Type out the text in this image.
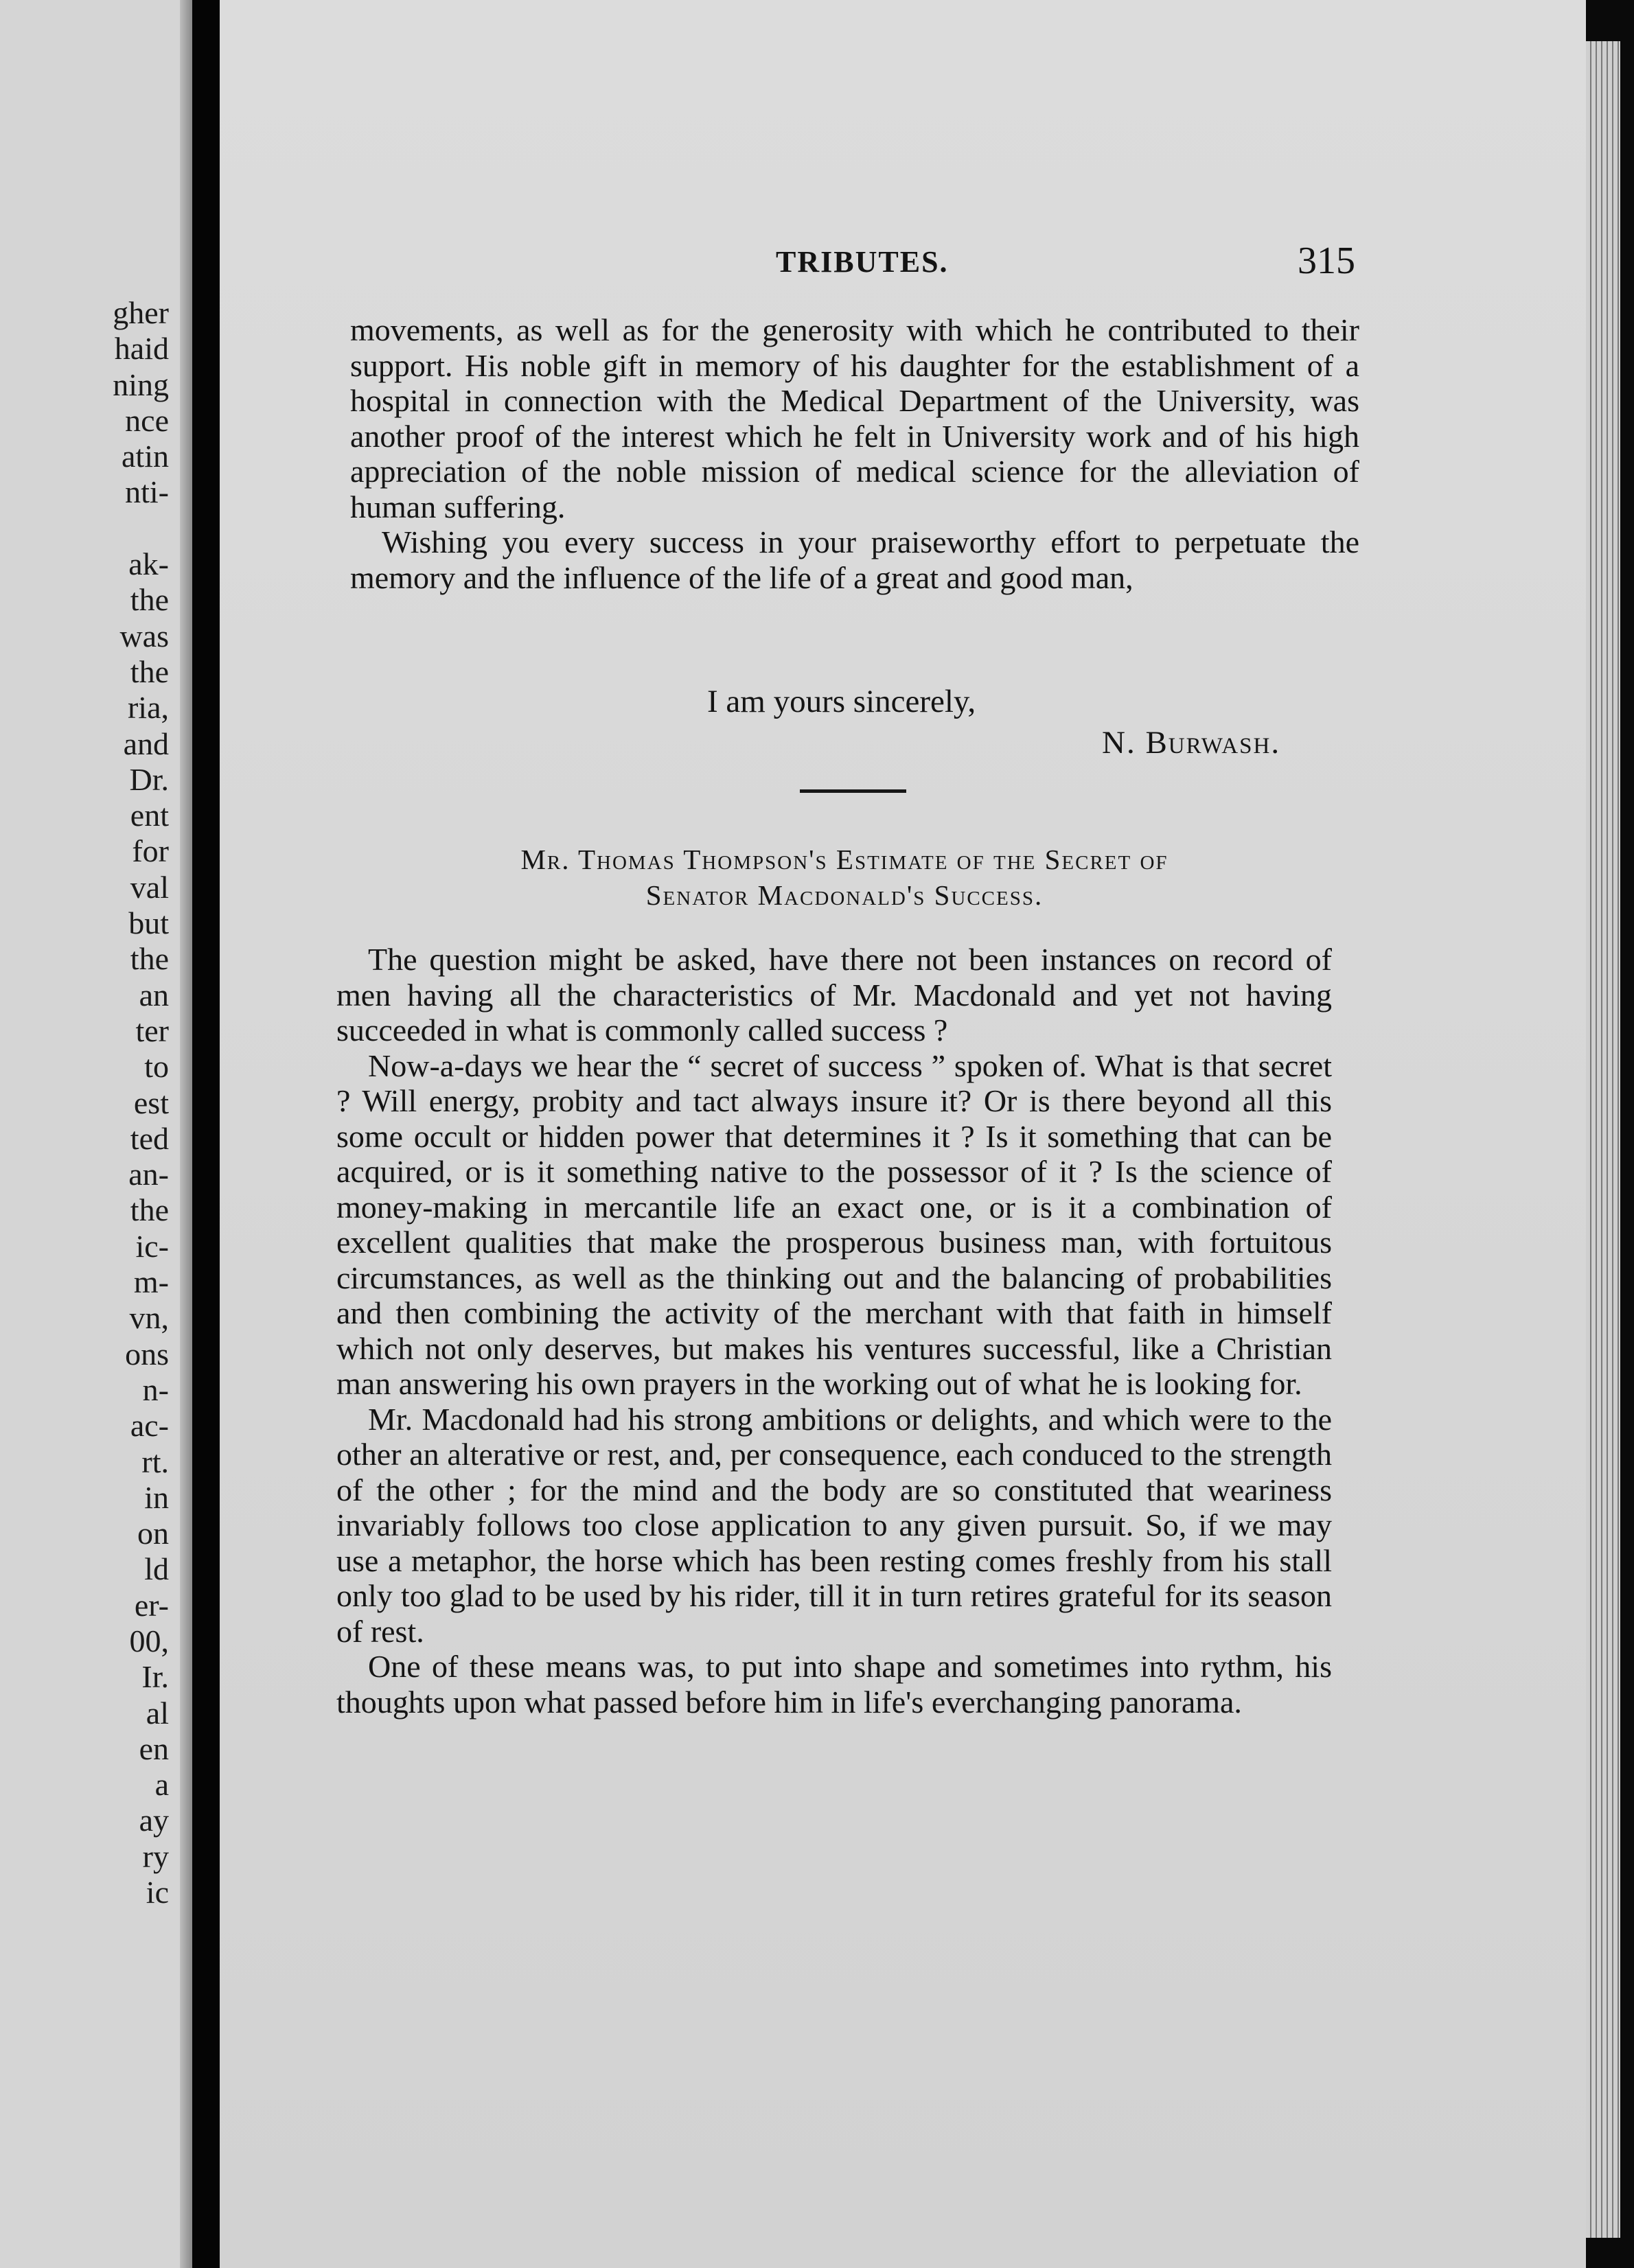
gher
haid
ning
nce
atin
nti-

ak-
the
was
the
ria,
and
Dr.
ent
for
val
but
the
an
ter
to
est
ted
an-
the
ic-
m-
vn,
ons
n-
ac-
rt.
in
on
ld
er-
00,
Ir.
al
en
a
ay
ry
ic
TRIBUTES.	315

movements, as well as for the generosity with which he contributed to their support. His noble gift in memory of his daughter for the establishment of a hospital in connection with the Medical Department of the University, was another proof of the interest which he felt in University work and of his high appreciation of the noble mission of medical science for the alleviation of human suffering.

Wishing you every success in your praiseworthy effort to perpetuate the memory and the influence of the life of a great and good man,

I am yours sincerely,
N. Burwash.
Mr. Thomas Thompson's Estimate of the Secret of
Senator Macdonald's Success.

The question might be asked, have there not been instances on record of men having all the characteristics of Mr. Macdonald and yet not having succeeded in what is commonly called success ?

Now-a-days we hear the “ secret of success ” spoken of. What is that secret ? Will energy, probity and tact always insure it? Or is there beyond all this some occult or hidden power that determines it ? Is it something that can be acquired, or is it something native to the possessor of it ? Is the science of money-making in mercantile life an exact one, or is it a combination of excellent qualities that make the prosperous business man, with fortuitous circumstances, as well as the thinking out and the balancing of probabilities and then combining the activity of the merchant with that faith in himself which not only deserves, but makes his ventures successful, like a Christian man answering his own prayers in the working out of what he is looking for.

Mr. Macdonald had his strong ambitions or delights, and which were to the other an alterative or rest, and, per consequence, each conduced to the strength of the other ; for the mind and the body are so constituted that weariness invariably follows too close application to any given pursuit. So, if we may use a metaphor, the horse which has been resting comes freshly from his stall only too glad to be used by his rider, till it in turn retires grateful for its season of rest.

One of these means was, to put into shape and sometimes into rythm, his thoughts upon what passed before him in life's everchanging panorama.
